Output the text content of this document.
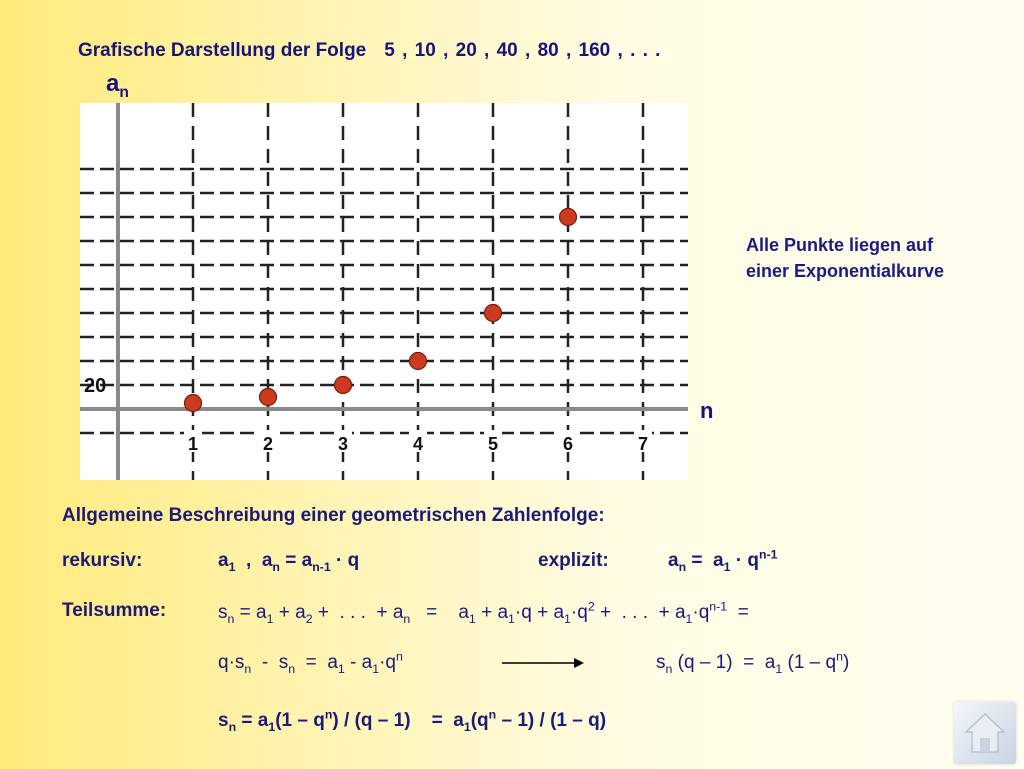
Grafische Darstellung der Folge 5 , 10 , 20 , 40 , 80 , 160 , . . .
$a_n$
1	2	3	4	5	6	7
20
n
Alle Punkte liegen auf einer Exponentialkurve
Allgemeine Beschreibung einer geometrischen Zahlenfolge:
rekursiv:	$a_1$  ,  $a_n = a_{n-1} \cdot q$	explizit:	$a_n = a_1 \cdot q^{n-1}$
Teilsumme:	$s_n = a_1 + a_2$ +  . . .  + $a_n$   =    $a_1 + a_1\cdot q + a_1\cdot q^2$ +  . . .  + $a_1\cdot q^{n-1}$  =
$q\cdot s_n - s_n = a_1 - a_1\cdot q^n$	$s_n$ $(q - 1) = a_1$ $(1 - q^n)$
$s_n = a_1(1 - q^n) / (q - 1)$    =  $a_1(q^n - 1) / (1 - q)$
